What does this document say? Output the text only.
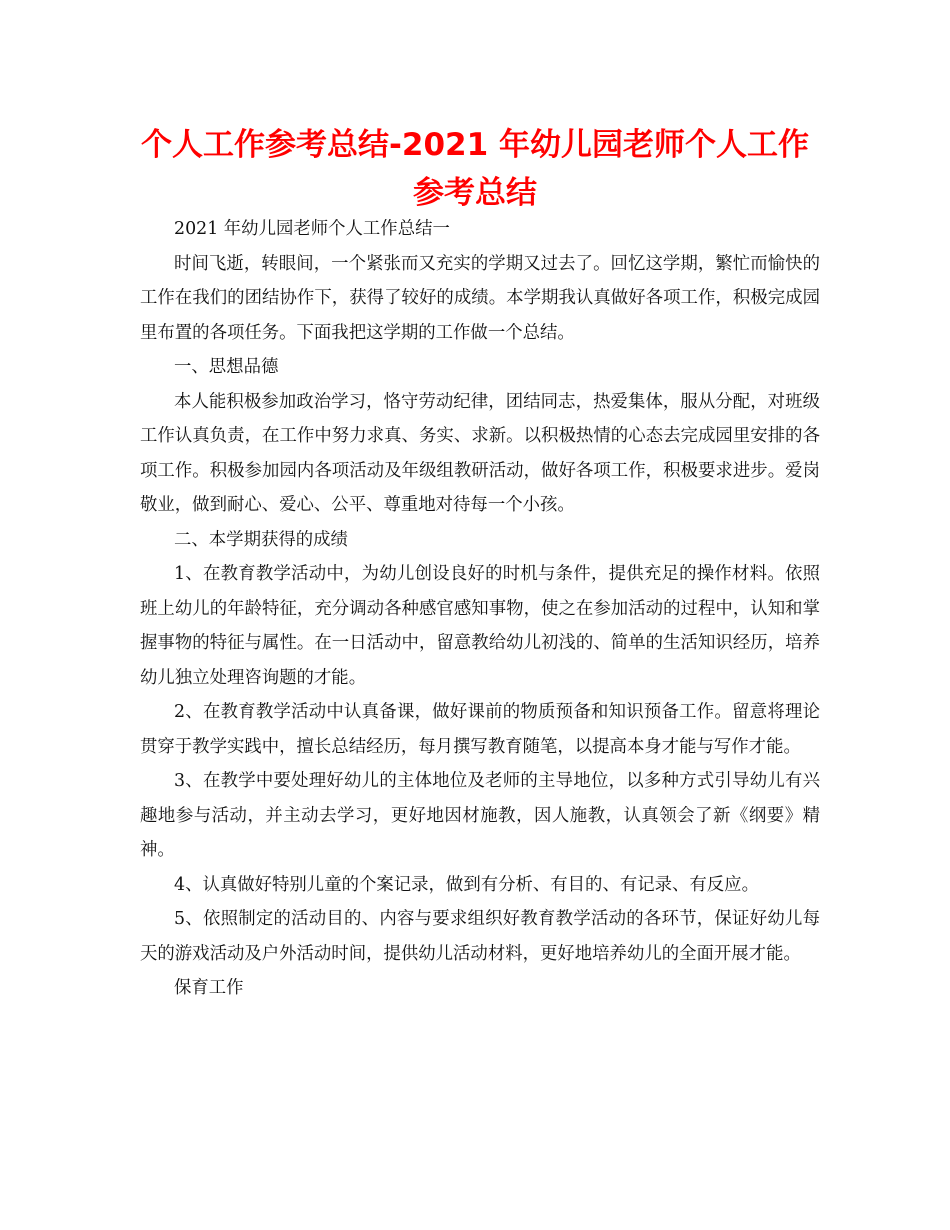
个人工作参考总结-2021 年幼儿园老师个人工作
参考总结

2021 年幼儿园老师个人工作总结一

时间飞逝，转眼间，一个紧张而又充实的学期又过去了。回忆这学期，繁忙而愉快的工作在我们的团结协作下，获得了较好的成绩。本学期我认真做好各项工作，积极完成园里布置的各项任务。下面我把这学期的工作做一个总结。

一、思想品德

本人能积极参加政治学习，恪守劳动纪律，团结同志，热爱集体，服从分配，对班级工作认真负责，在工作中努力求真、务实、求新。以积极热情的心态去完成园里安排的各项工作。积极参加园内各项活动及年级组教研活动，做好各项工作，积极要求进步。爱岗敬业，做到耐心、爱心、公平、尊重地对待每一个小孩。

二、本学期获得的成绩

1、在教育教学活动中，为幼儿创设良好的时机与条件，提供充足的操作材料。依照班上幼儿的年龄特征，充分调动各种感官感知事物，使之在参加活动的过程中，认知和掌握事物的特征与属性。在一日活动中，留意教给幼儿初浅的、简单的生活知识经历，培养幼儿独立处理咨询题的才能。

2、在教育教学活动中认真备课，做好课前的物质预备和知识预备工作。留意将理论贯穿于教学实践中，擅长总结经历，每月撰写教育随笔，以提高本身才能与写作才能。

3、在教学中要处理好幼儿的主体地位及老师的主导地位，以多种方式引导幼儿有兴趣地参与活动，并主动去学习，更好地因材施教，因人施教，认真领会了新《纲要》精神。

4、认真做好特别儿童的个案记录，做到有分析、有目的、有记录、有反应。

5、依照制定的活动目的、内容与要求组织好教育教学活动的各环节，保证好幼儿每天的游戏活动及户外活动时间，提供幼儿活动材料，更好地培养幼儿的全面开展才能。

保育工作
